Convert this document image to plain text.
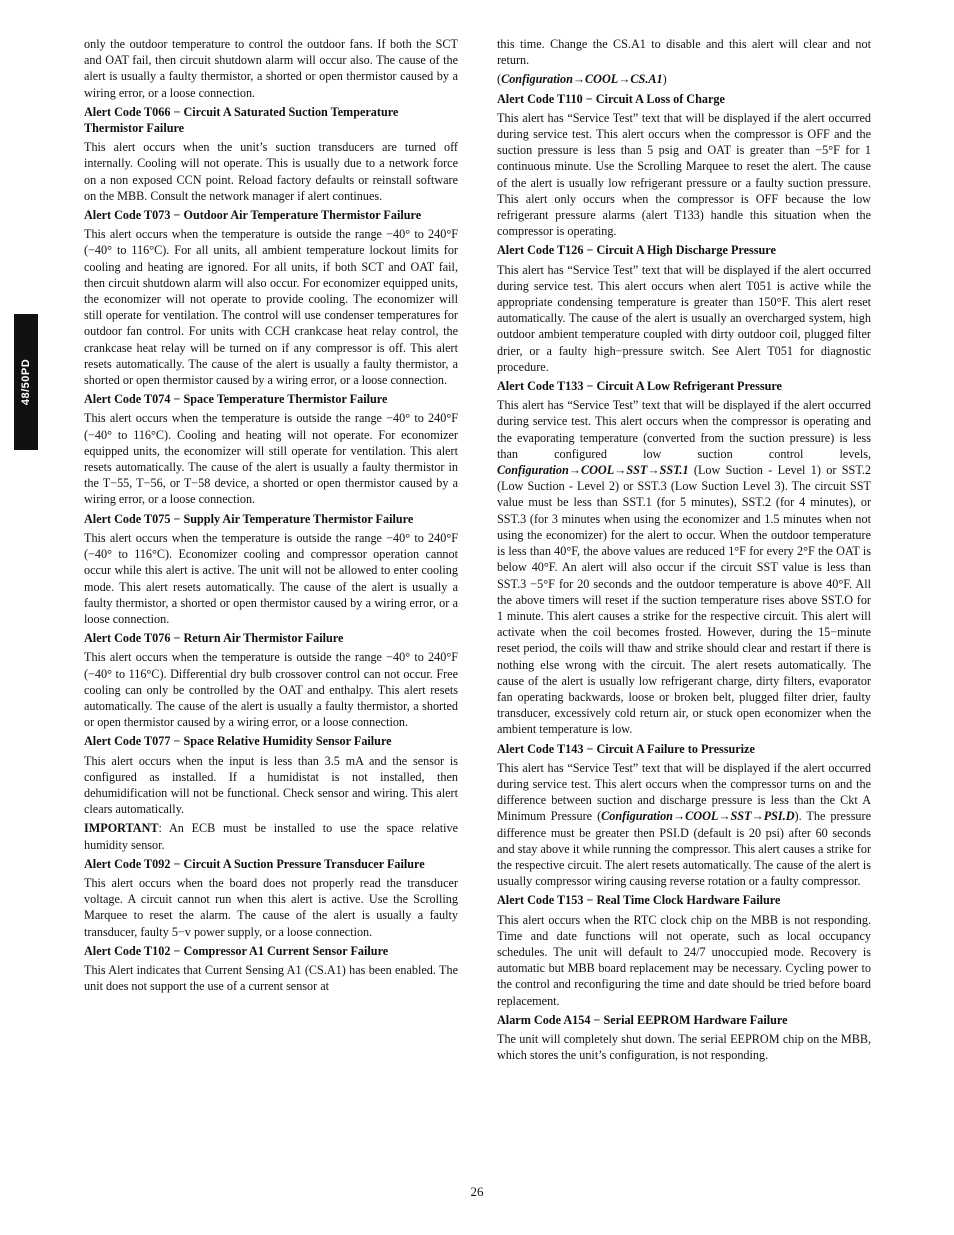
48/50PD

only the outdoor temperature to control the outdoor fans. If both the SCT and OAT fail, then circuit shutdown alarm will occur also. The cause of the alert is usually a faulty thermistor, a shorted or open thermistor caused by a wiring error, or a loose connection.

Alert Code T066 − Circuit A Saturated Suction Temperature Thermistor Failure

This alert occurs when the unit’s suction transducers are turned off internally. Cooling will not operate. This is usually due to a network force on a non exposed CCN point. Reload factory defaults or reinstall software on the MBB. Consult the network manager if alert continues.

Alert Code T073 − Outdoor Air Temperature Thermistor Failure

This alert occurs when the temperature is outside the range −40° to 240°F (−40° to 116°C). For all units, all ambient temperature lockout limits for cooling and heating are ignored. For all units, if both SCT and OAT fail, then circuit shutdown alarm will also occur. For economizer equipped units, the economizer will not operate to provide cooling. The economizer will still operate for ventilation. The control will use condenser temperatures for outdoor fan control. For units with CCH crankcase heat relay control, the crankcase heat relay will be turned on if any compressor is off. This alert resets automatically. The cause of the alert is usually a faulty thermistor, a shorted or open thermistor caused by a wiring error, or a loose connection.

Alert Code T074 − Space Temperature Thermistor Failure

This alert occurs when the temperature is outside the range −40° to 240°F (−40° to 116°C). Cooling and heating will not operate. For economizer equipped units, the economizer will still operate for ventilation. This alert resets automatically. The cause of the alert is usually a faulty thermistor in the T−55, T−56, or T−58 device, a shorted or open thermistor caused by a wiring error, or a loose connection.

Alert Code T075 − Supply Air Temperature Thermistor Failure

This alert occurs when the temperature is outside the range −40° to 240°F (−40° to 116°C). Economizer cooling and compressor operation cannot occur while this alert is active. The unit will not be allowed to enter cooling mode. This alert resets automatically. The cause of the alert is usually a faulty thermistor, a shorted or open thermistor caused by a wiring error, or a loose connection.

Alert Code T076 − Return Air Thermistor Failure

This alert occurs when the temperature is outside the range −40° to 240°F (−40° to 116°C). Differential dry bulb crossover control can not occur. Free cooling can only be controlled by the OAT and enthalpy. This alert resets automatically. The cause of the alert is usually a faulty thermistor, a shorted or open thermistor caused by a wiring error, or a loose connection.

Alert Code T077 − Space Relative Humidity Sensor Failure

This alert occurs when the input is less than 3.5 mA and the sensor is configured as installed. If a humidistat is not installed, then dehumidification will not be functional. Check sensor and wiring. This alert clears automatically.

IMPORTANT: An ECB must be installed to use the space relative humidity sensor.

Alert Code T092 − Circuit A Suction Pressure Transducer Failure

This alert occurs when the board does not properly read the transducer voltage. A circuit cannot run when this alert is active. Use the Scrolling Marquee to reset the alarm. The cause of the alert is usually a faulty transducer, faulty 5−v power supply, or a loose connection.

Alert Code T102 − Compressor A1 Current Sensor Failure

This Alert indicates that Current Sensing A1 (CS.A1) has been enabled. The unit does not support the use of a current sensor at

this time. Change the CS.A1 to disable and this alert will clear and not return.

(Configuration→COOL→CS.A1)

Alert Code T110 − Circuit A Loss of Charge

This alert has “Service Test” text that will be displayed if the alert occurred during service test. This alert occurs when the compressor is OFF and the suction pressure is less than 5 psig and OAT is greater than −5°F for 1 continuous minute. Use the Scrolling Marquee to reset the alert. The cause of the alert is usually low refrigerant pressure or a faulty suction pressure. This alert only occurs when the compressor is OFF because the low refrigerant pressure alarms (alert T133) handle this situation when the compressor is operating.

Alert Code T126 − Circuit A High Discharge Pressure

This alert has “Service Test” text that will be displayed if the alert occurred during service test. This alert occurs when alert T051 is active while the appropriate condensing temperature is greater than 150°F. This alert reset automatically. The cause of the alert is usually an overcharged system, high outdoor ambient temperature coupled with dirty outdoor coil, plugged filter drier, or a faulty high−pressure switch. See Alert T051 for diagnostic procedure.

Alert Code T133 − Circuit A Low Refrigerant Pressure

This alert has “Service Test” text that will be displayed if the alert occurred during service test. This alert occurs when the compressor is operating and the evaporating temperature (converted from the suction pressure) is less than configured low suction control levels, Configuration→COOL→SST→SST.1 (Low Suction - Level 1) or SST.2 (Low Suction - Level 2) or SST.3 (Low Suction Level 3). The circuit SST value must be less than SST.1 (for 5 minutes), SST.2 (for 4 minutes), or SST.3 (for 3 minutes when using the economizer and 1.5 minutes when not using the economizer) for the alert to occur. When the outdoor temperature is less than 40°F, the above values are reduced 1°F for every 2°F the OAT is below 40°F. An alert will also occur if the circuit SST value is less than SST.3 −5°F for 20 seconds and the outdoor temperature is above 40°F. All the above timers will reset if the suction temperature rises above SST.O for 1 minute. This alert causes a strike for the respective circuit. This alert will activate when the coil becomes frosted. However, during the 15−minute reset period, the coils will thaw and strike should clear and restart if there is nothing else wrong with the circuit. The alert resets automatically. The cause of the alert is usually low refrigerant charge, dirty filters, evaporator fan operating backwards, loose or broken belt, plugged filter drier, faulty transducer, excessively cold return air, or stuck open economizer when the ambient temperature is low.

Alert Code T143 − Circuit A Failure to Pressurize

This alert has “Service Test” text that will be displayed if the alert occurred during service test. This alert occurs when the compressor turns on and the difference between suction and discharge pressure is less than the Ckt A Minimum Pressure (Configuration→COOL→SST→PSI.D). The pressure difference must be greater then PSI.D (default is 20 psi) after 60 seconds and stay above it while running the compressor. This alert causes a strike for the respective circuit. The alert resets automatically. The cause of the alert is usually compressor wiring causing reverse rotation or a faulty compressor.

Alert Code T153 − Real Time Clock Hardware Failure

This alert occurs when the RTC clock chip on the MBB is not responding. Time and date functions will not operate, such as local occupancy schedules. The unit will default to 24/7 unoccupied mode. Recovery is automatic but MBB board replacement may be necessary. Cycling power to the control and reconfiguring the time and date should be tried before board replacement.

Alarm Code A154 − Serial EEPROM Hardware Failure

The unit will completely shut down. The serial EEPROM chip on the MBB, which stores the unit’s configuration, is not responding.

26
